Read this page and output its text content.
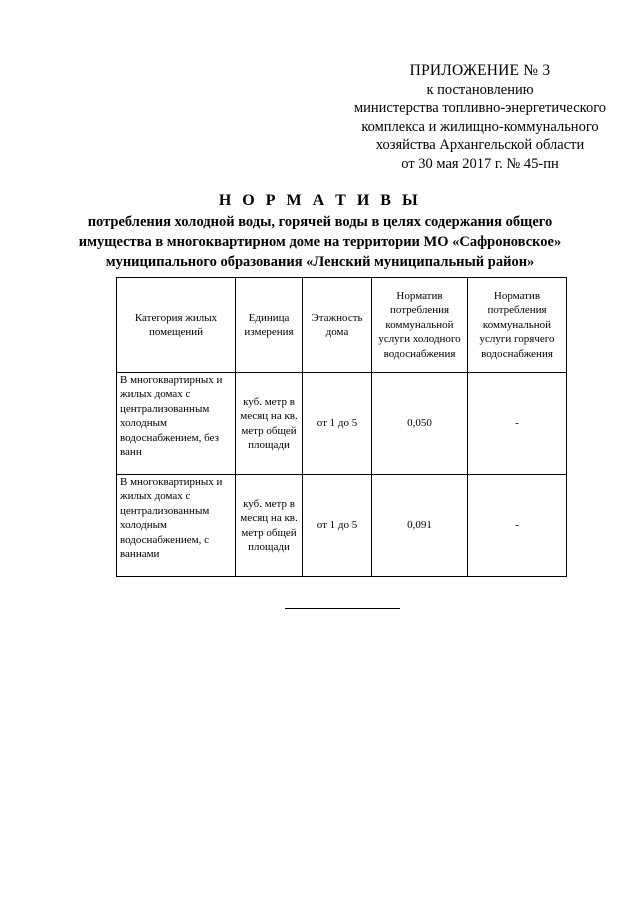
ПРИЛОЖЕНИЕ № 3
к постановлению
министерства топливно-энергетического
комплекса и жилищно-коммунального
хозяйства Архангельской области
от 30 мая 2017 г. № 45-пн
Н О Р М А Т И В Ы
потребления холодной воды, горячей воды в целях содержания общего
имущества в многоквартирном доме на территории МО «Сафроновское»
муниципального образования «Ленский муниципальный район»
Категория жилых помещений	Единица измерения	Этажность дома	Норматив потребления коммунальной услуги холодного водоснабжения	Норматив потребления коммунальной услуги горячего водоснабжения
В многоквартирных и жилых домах с централизованным холодным водоснабжением, без ванн	куб. метр в месяц на кв. метр общей площади	от 1 до 5	0,050	-
В многоквартирных и жилых домах с централизованным холодным водоснабжением, с ваннами	куб. метр в месяц на кв. метр общей площади	от 1 до 5	0,091	-
